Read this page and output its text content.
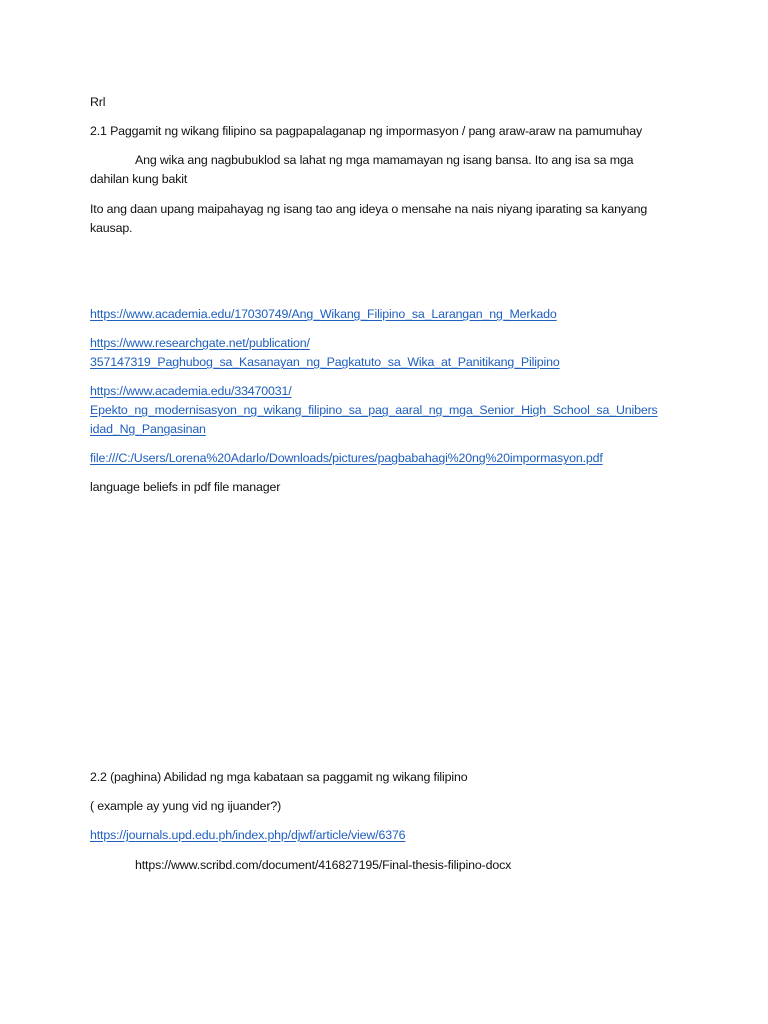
Rrl
2.1 Paggamit ng wikang filipino sa pagpapalaganap ng impormasyon / pang araw-araw na pamumuhay
Ang wika ang nagbubuklod sa lahat ng mga mamamayan ng isang bansa. Ito ang isa sa mga
dahilan kung bakit
Ito ang daan upang maipahayag ng isang tao ang ideya o mensahe na nais niyang iparating sa kanyang
kausap.
https://www.academia.edu/17030749/Ang_Wikang_Filipino_sa_Larangan_ng_Merkado
https://www.researchgate.net/publication/
357147319_Paghubog_sa_Kasanayan_ng_Pagkatuto_sa_Wika_at_Panitikang_Pilipino
https://www.academia.edu/33470031/
Epekto_ng_modernisasyon_ng_wikang_filipino_sa_pag_aaral_ng_mga_Senior_High_School_sa_Unibers
idad_Ng_Pangasinan
file:///C:/Users/Lorena%20Adarlo/Downloads/pictures/pagbabahagi%20ng%20impormasyon.pdf
language beliefs in pdf file manager
2.2 (paghina) Abilidad ng mga kabataan sa paggamit ng wikang filipino
( example ay yung vid ng ijuander?)
https://journals.upd.edu.ph/index.php/djwf/article/view/6376
https://www.scribd.com/document/416827195/Final-thesis-filipino-docx
